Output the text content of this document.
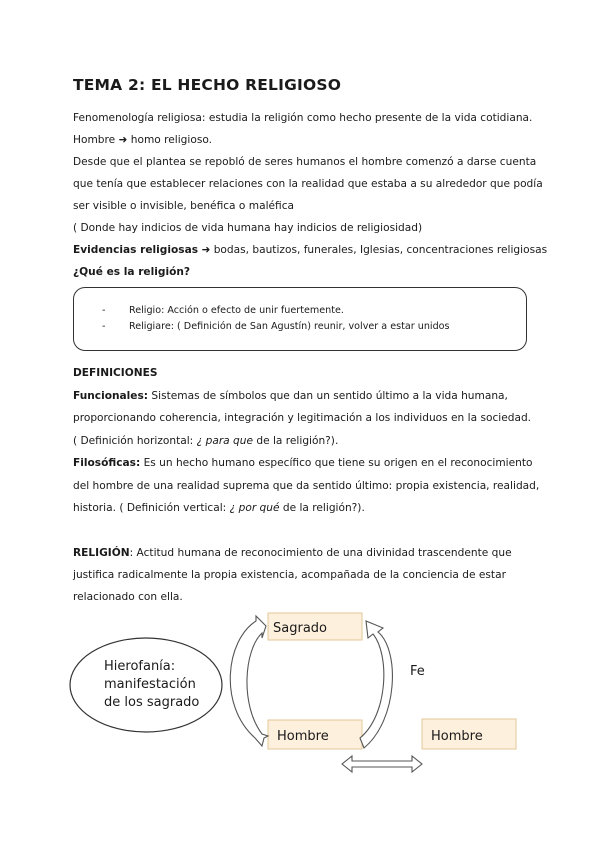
TEMA 2: EL HECHO RELIGIOSO
Fenomenología religiosa: estudia la religión como hecho presente de la vida cotidiana.
Hombre ➜ homo religioso.
Desde que el plantea se repobló de seres humanos el hombre comenzó a darse cuenta
que tenía que establecer relaciones con la realidad que estaba a su alrededor que podía
ser visible o invisible, benéfica o maléfica
( Donde hay indicios de vida humana hay indicios de religiosidad)
Evidencias religiosas ➜ bodas, bautizos, funerales, Iglesias, concentraciones religiosas
¿Qué es la religión?
- Religio: Acción o efecto de unir fuertemente.
- Religiare: ( Definición de San Agustín) reunir, volver a estar unidos
DEFINICIONES
Funcionales: Sistemas de símbolos que dan un sentido último a la vida humana,
proporcionando coherencia, integración y legitimación a los individuos en la sociedad.
( Definición horizontal: ¿ para que de la religión?).
Filosóficas: Es un hecho humano específico que tiene su origen en el reconocimiento
del hombre de una realidad suprema que da sentido último: propia existencia, realidad,
historia. ( Definición vertical: ¿ por qué de la religión?).
RELIGIÓN: Actitud humana de reconocimiento de una divinidad trascendente que
justifica radicalmente la propia existencia, acompañada de la conciencia de estar
relacionado con ella.
Hierofanía:
manifestación
de los sagrado
Sagrado
Hombre
Fe
Hombre
